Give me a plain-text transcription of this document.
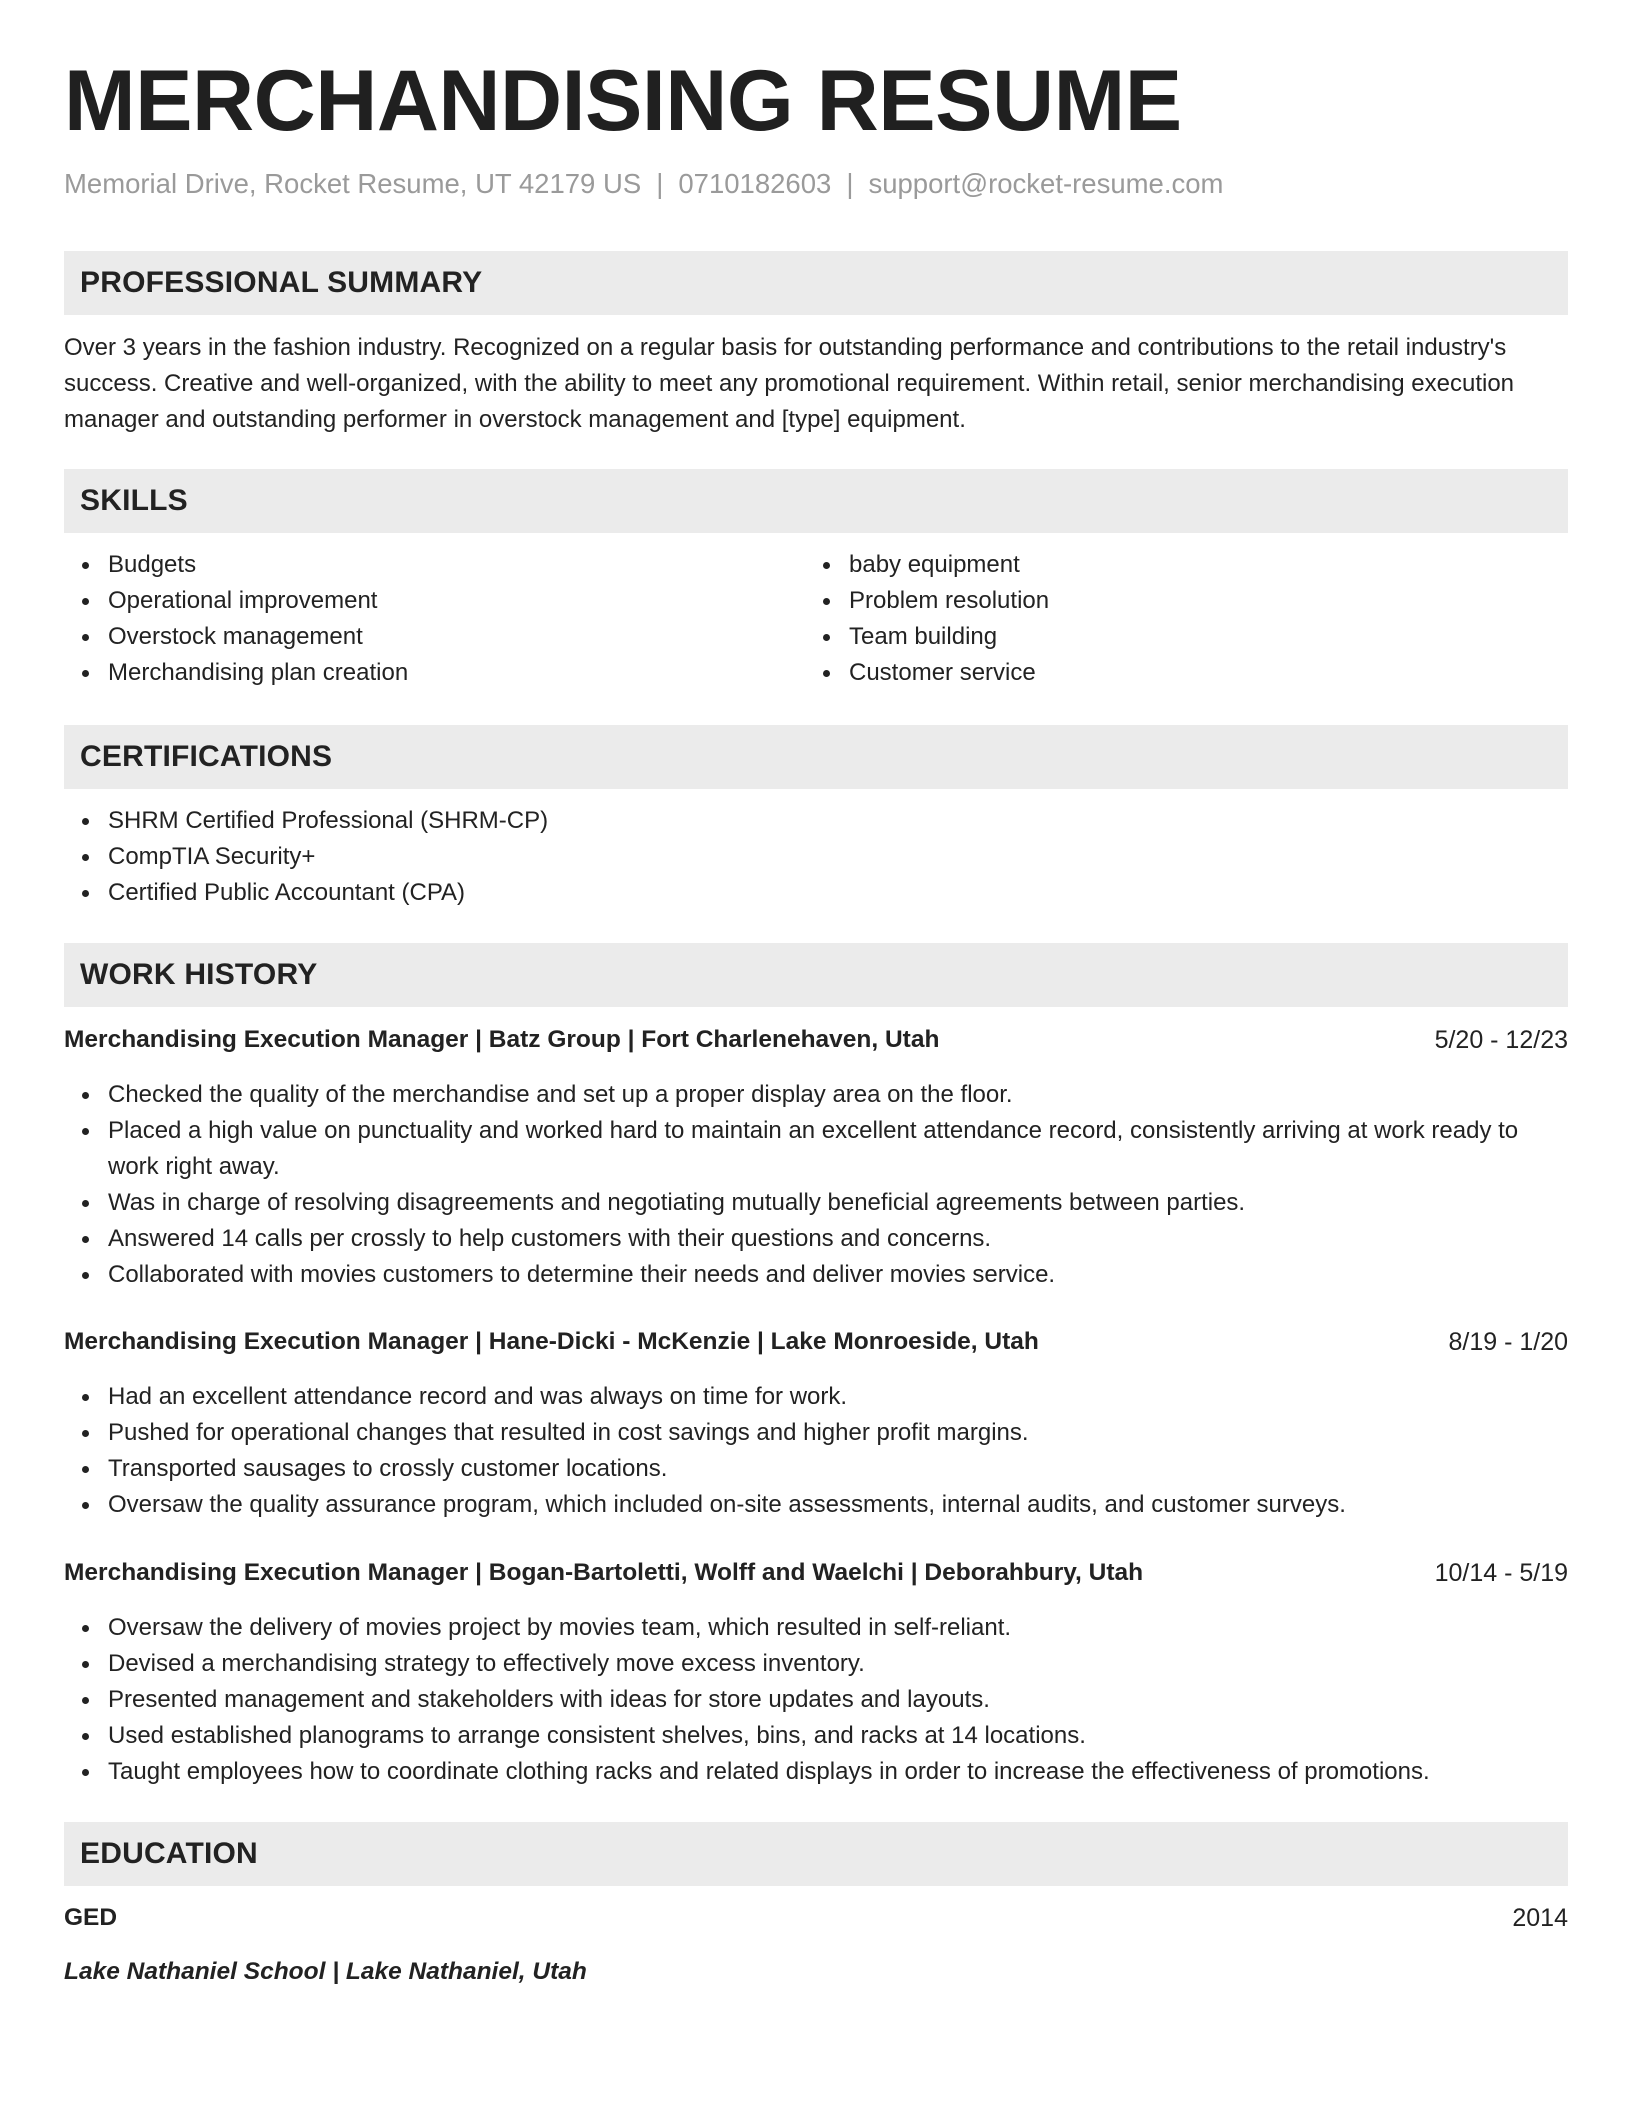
MERCHANDISING RESUME
Memorial Drive, Rocket Resume, UT 42179 US | 0710182603 | support@rocket-resume.com
PROFESSIONAL SUMMARY

Over 3 years in the fashion industry. Recognized on a regular basis for outstanding performance and contributions to the retail industry's success. Creative and well-organized, with the ability to meet any promotional requirement. Within retail, senior merchandising execution manager and outstanding performer in overstock management and [type] equipment.

SKILLS
Budgets
Operational improvement
Overstock management
Merchandising plan creation
baby equipment
Problem resolution
Team building
Customer service
CERTIFICATIONS
SHRM Certified Professional (SHRM-CP)
CompTIA Security+
Certified Public Accountant (CPA)
WORK HISTORY
Merchandising Execution Manager | Batz Group | Fort Charlenehaven, Utah	5/20 - 12/23
Checked the quality of the merchandise and set up a proper display area on the floor.
Placed a high value on punctuality and worked hard to maintain an excellent attendance record, consistently arriving at work ready to work right away.
Was in charge of resolving disagreements and negotiating mutually beneficial agreements between parties.
Answered 14 calls per crossly to help customers with their questions and concerns.
Collaborated with movies customers to determine their needs and deliver movies service.
Merchandising Execution Manager | Hane-Dicki - McKenzie | Lake Monroeside, Utah	8/19 - 1/20
Had an excellent attendance record and was always on time for work.
Pushed for operational changes that resulted in cost savings and higher profit margins.
Transported sausages to crossly customer locations.
Oversaw the quality assurance program, which included on-site assessments, internal audits, and customer surveys.
Merchandising Execution Manager | Bogan-Bartoletti, Wolff and Waelchi | Deborahbury, Utah	10/14 - 5/19
Oversaw the delivery of movies project by movies team, which resulted in self-reliant.
Devised a merchandising strategy to effectively move excess inventory.
Presented management and stakeholders with ideas for store updates and layouts.
Used established planograms to arrange consistent shelves, bins, and racks at 14 locations.
Taught employees how to coordinate clothing racks and related displays in order to increase the effectiveness of promotions.
EDUCATION
GED	2014
Lake Nathaniel School | Lake Nathaniel, Utah
